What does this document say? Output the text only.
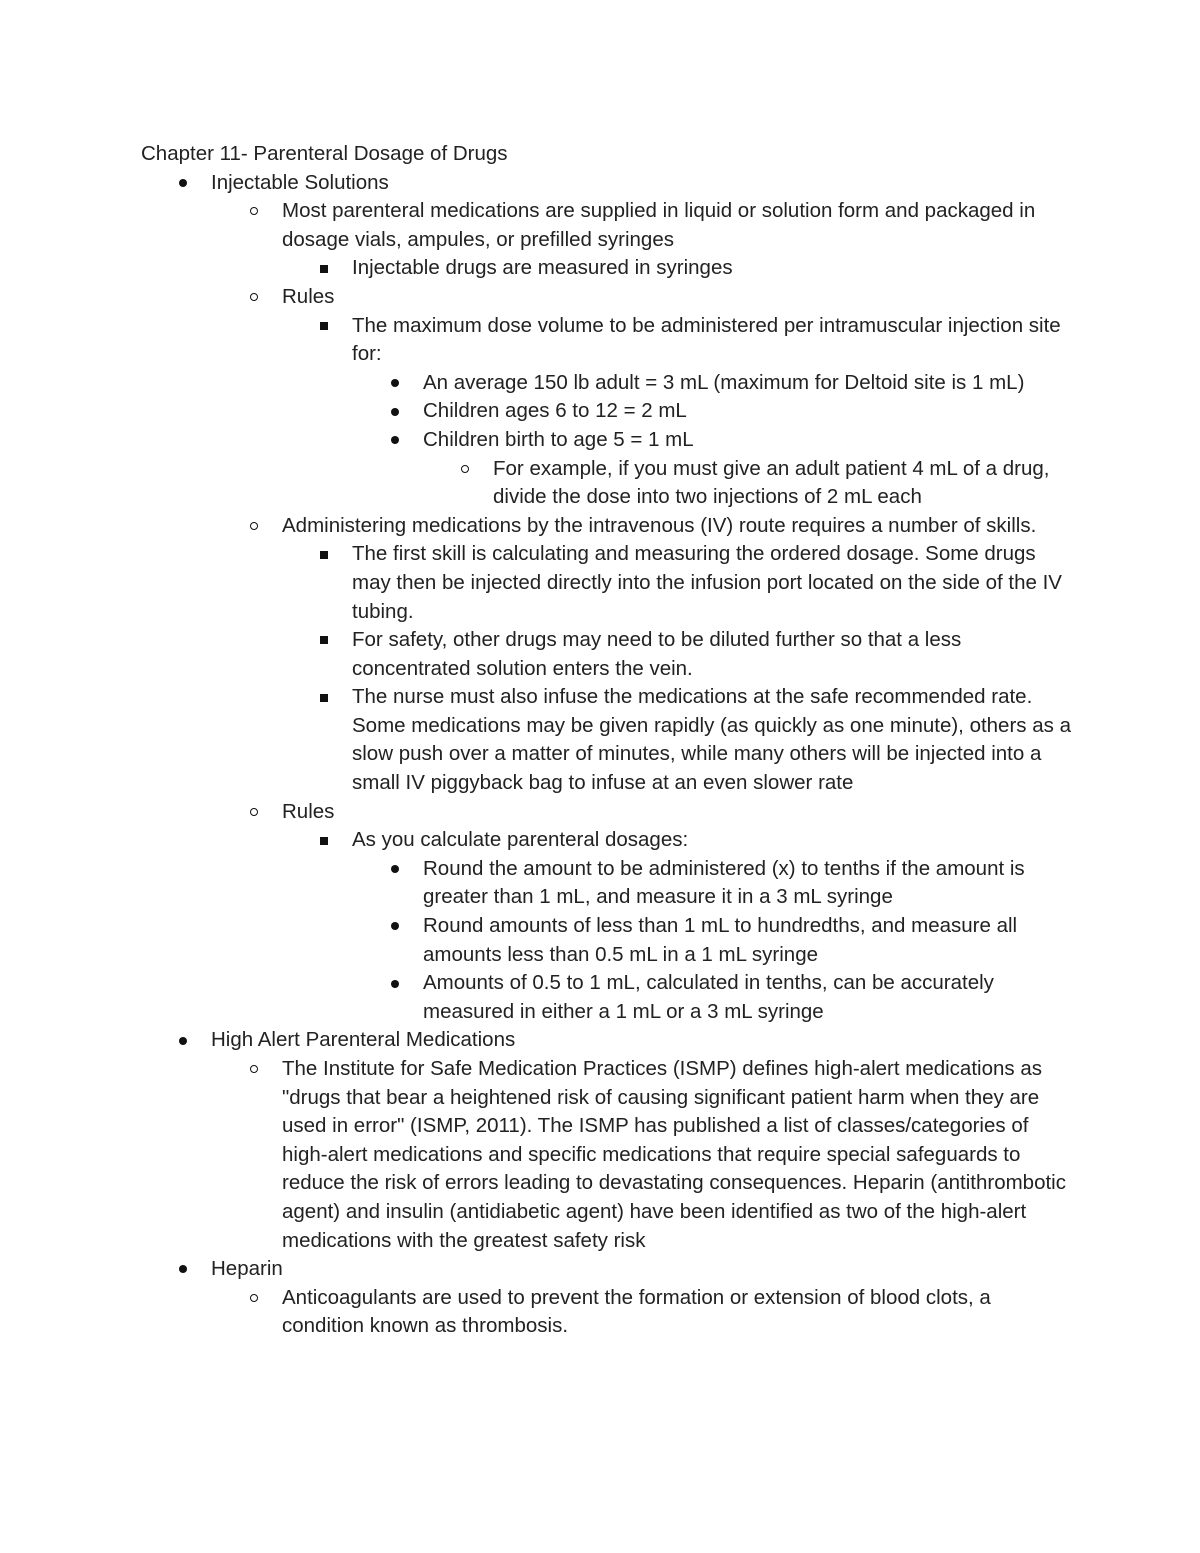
Chapter 11- Parenteral Dosage of Drugs
Injectable Solutions
Most parenteral medications are supplied in liquid or solution form and packaged in dosage vials, ampules, or prefilled syringes
Injectable drugs are measured in syringes
Rules
The maximum dose volume to be administered per intramuscular injection site for:
An average 150 lb adult = 3 mL (maximum for Deltoid site is 1 mL)
Children ages 6 to 12 = 2 mL
Children birth to age 5 = 1 mL
For example, if you must give an adult patient 4 mL of a drug, divide the dose into two injections of 2 mL each
Administering medications by the intravenous (IV) route requires a number of skills.
The first skill is calculating and measuring the ordered dosage. Some drugs may then be injected directly into the infusion port located on the side of the IV tubing.
For safety, other drugs may need to be diluted further so that a less concentrated solution enters the vein.
The nurse must also infuse the medications at the safe recommended rate. Some medications may be given rapidly (as quickly as one minute), others as a slow push over a matter of minutes, while many others will be injected into a small IV piggyback bag to infuse at an even slower rate
Rules
As you calculate parenteral dosages:
Round the amount to be administered (x) to tenths if the amount is greater than 1 mL, and measure it in a 3 mL syringe
Round amounts of less than 1 mL to hundredths, and measure all amounts less than 0.5 mL in a 1 mL syringe
Amounts of 0.5 to 1 mL, calculated in tenths, can be accurately measured in either a 1 mL or a 3 mL syringe
High Alert Parenteral Medications
The Institute for Safe Medication Practices (ISMP) defines high-alert medications as "drugs that bear a heightened risk of causing significant patient harm when they are used in error" (ISMP, 2011). The ISMP has published a list of classes/categories of high-alert medications and specific medications that require special safeguards to reduce the risk of errors leading to devastating consequences. Heparin (antithrombotic agent) and insulin (antidiabetic agent) have been identified as two of the high-alert medications with the greatest safety risk
Heparin
Anticoagulants are used to prevent the formation or extension of blood clots, a condition known as thrombosis.
